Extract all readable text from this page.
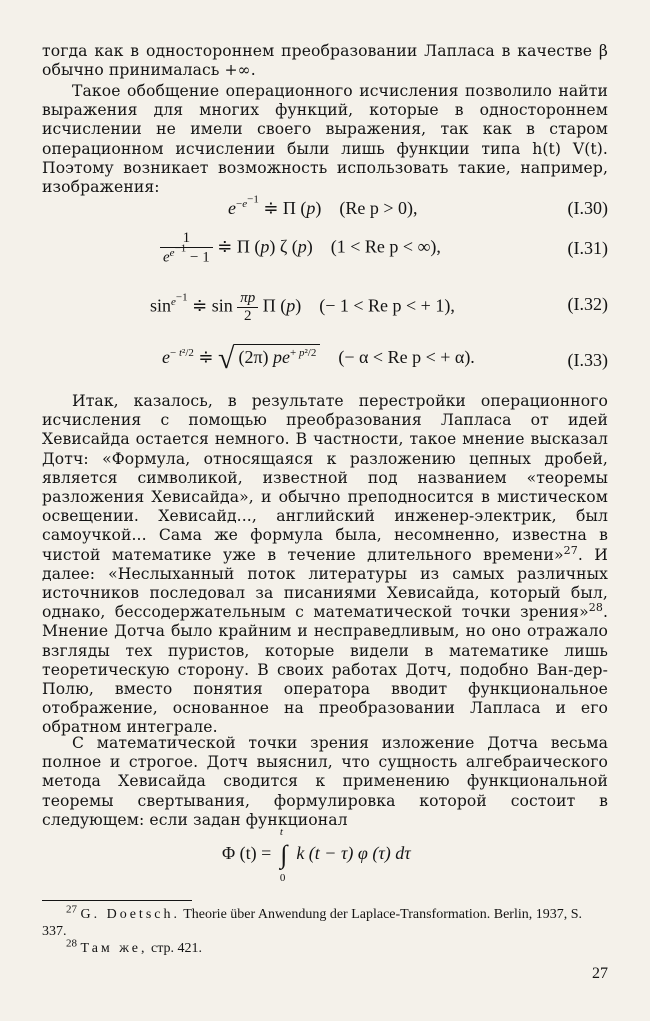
тогда как в одностороннем преобразовании Лапласа в качестве β обычно принималась +∞.

Такое обобщение операционного исчисления позволило найти выражения для многих функций, которые в одностороннем исчислении не имели своего выражения, так как в старом операционном исчислении были лишь функции типа h(t) V(t). Поэтому возникает возможность использовать такие, например, изображения:

$e^{-e^{-1}}$ ≑ Π (p)    (Re p > 0),	(I.30)
$\frac{1}{e^{e^{-1}} - 1}$ ≑ Π (p) ζ (p)    (1 < Re p < ∞),	(I.31)
$\sin^{e^{-1}}$ ≑ $\sin \frac{\pi p}{2}$ Π (p)    (− 1 < Re p < + 1),	(I.32)
$e^{- t^2/2}$ ≑ √ (2π) $pe^{+ p^2/2}$ (− α < Re p < + α).	(I.33)

Итак, казалось, в результате перестройки операционного исчисления с помощью преобразования Лапласа от идей Хевисайда остается немного. В частности, такое мнение высказал Дотч: «Формула, относящаяся к разложению цепных дробей, является символикой, известной под названием «теоремы разложения Хевисайда», и обычно преподносится в мистическом освещении. Хевисайд..., английский инженер-электрик, был самоучкой... Сама же формула была, несомненно, известна в чистой математике уже в течение длительного времени»$^{27}$. И далее: «Неслыханный поток литературы из самых различных источников последовал за писаниями Хевисайда, который был, однако, бессодержательным с математической точки зрения»$^{28}$. Мнение Дотча было крайним и несправедливым, но оно отражало взгляды тех пуристов, которые видели в математике лишь теоретическую сторону. В своих работах Дотч, подобно Ван-дер-Полю, вместо понятия оператора вводит функциональное отображение, основанное на преобразовании Лапласа и его обратном интеграле.

С математической точки зрения изложение Дотча весьма полное и строгое. Дотч выяснил, что сущность алгебраического метода Хевисайда сводится к применению функциональной теоремы свертывания, формулировка которой состоит в следующем: если задан функционал

Φ (t) = ∫
t
0
k (t − τ) φ (τ) dτ
$^{27}$ G. Doetsch. Theorie über Anwendung der Laplace-Transformation. Berlin, 1937, S. 337.
$^{28}$ Там же, стр. 421.
27
